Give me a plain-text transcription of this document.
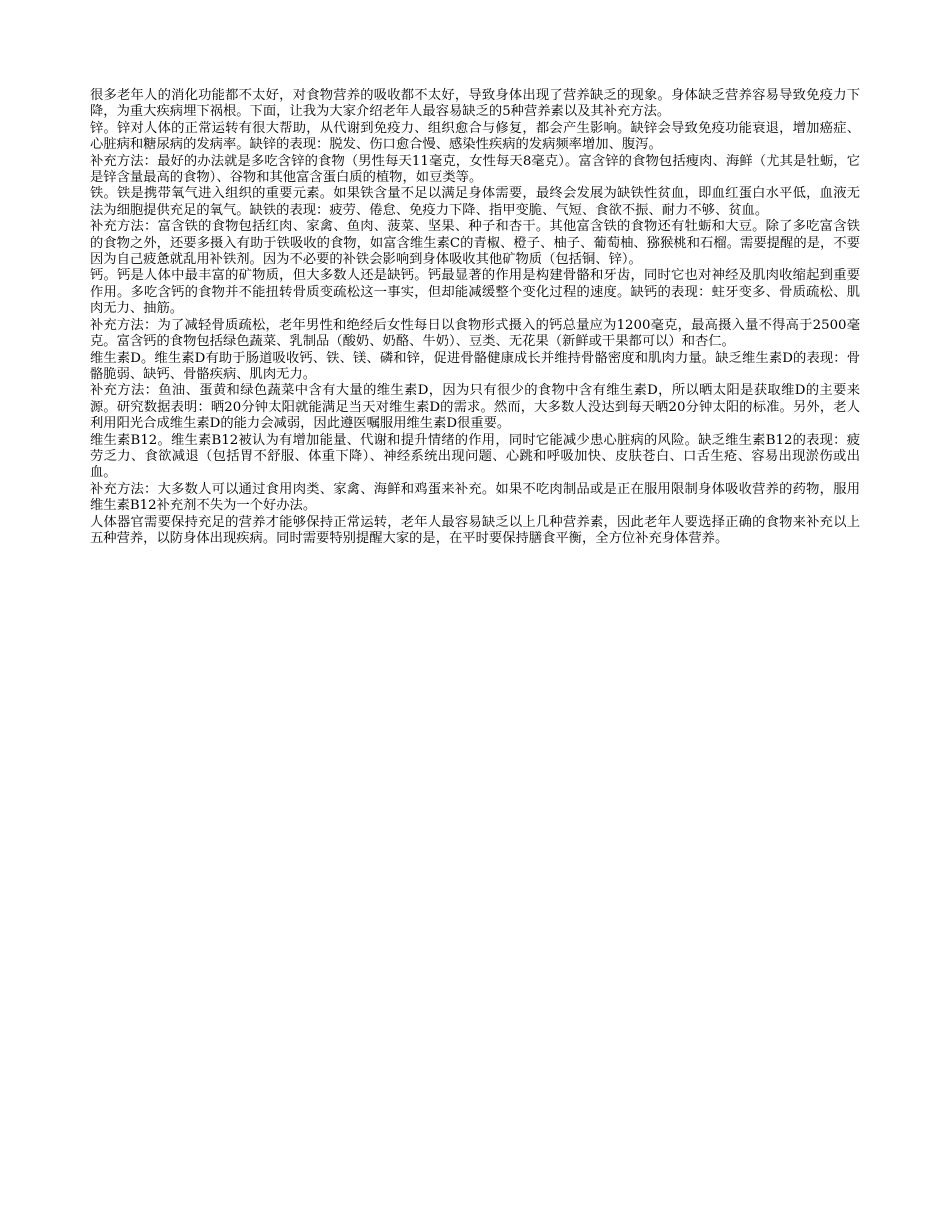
很多老年人的消化功能都不太好，对食物营养的吸收都不太好，导致身体出现了营养缺乏的现象。身体缺乏营养容易导致免疫力下降，为重大疾病埋下祸根。下面，让我为大家介绍老年人最容易缺乏的5种营养素以及其补充方法。

锌。锌对人体的正常运转有很大帮助，从代谢到免疫力、组织愈合与修复，都会产生影响。缺锌会导致免疫功能衰退，增加癌症、心脏病和糖尿病的发病率。缺锌的表现：脱发、伤口愈合慢、感染性疾病的发病频率增加、腹泻。

补充方法：最好的办法就是多吃含锌的食物（男性每天11毫克，女性每天8毫克）。富含锌的食物包括瘦肉、海鲜（尤其是牡蛎，它是锌含量最高的食物）、谷物和其他富含蛋白质的植物，如豆类等。

铁。铁是携带氧气进入组织的重要元素。如果铁含量不足以满足身体需要，最终会发展为缺铁性贫血，即血红蛋白水平低，血液无法为细胞提供充足的氧气。缺铁的表现：疲劳、倦怠、免疫力下降、指甲变脆、气短、食欲不振、耐力不够、贫血。

补充方法：富含铁的食物包括红肉、家禽、鱼肉、菠菜、坚果、种子和杏干。其他富含铁的食物还有牡蛎和大豆。除了多吃富含铁的食物之外，还要多摄入有助于铁吸收的食物，如富含维生素C的青椒、橙子、柚子、葡萄柚、猕猴桃和石榴。需要提醒的是，不要因为自己疲惫就乱用补铁剂。因为不必要的补铁会影响到身体吸收其他矿物质（包括铜、锌）。

钙。钙是人体中最丰富的矿物质，但大多数人还是缺钙。钙最显著的作用是构建骨骼和牙齿，同时它也对神经及肌肉收缩起到重要作用。多吃含钙的食物并不能扭转骨质变疏松这一事实，但却能减缓整个变化过程的速度。缺钙的表现：蛀牙变多、骨质疏松、肌肉无力、抽筋。

补充方法：为了减轻骨质疏松，老年男性和绝经后女性每日以食物形式摄入的钙总量应为1200毫克，最高摄入量不得高于2500毫克。富含钙的食物包括绿色蔬菜、乳制品（酸奶、奶酪、牛奶）、豆类、无花果（新鲜或干果都可以）和杏仁。

维生素D。维生素D有助于肠道吸收钙、铁、镁、磷和锌，促进骨骼健康成长并维持骨骼密度和肌肉力量。缺乏维生素D的表现：骨骼脆弱、缺钙、骨骼疾病、肌肉无力。

补充方法：鱼油、蛋黄和绿色蔬菜中含有大量的维生素D，因为只有很少的食物中含有维生素D，所以晒太阳是获取维D的主要来源。研究数据表明：晒20分钟太阳就能满足当天对维生素D的需求。然而，大多数人没达到每天晒20分钟太阳的标准。另外，老人利用阳光合成维生素D的能力会减弱，因此遵医嘱服用维生素D很重要。

维生素B12。维生素B12被认为有增加能量、代谢和提升情绪的作用，同时它能减少患心脏病的风险。缺乏维生素B12的表现：疲劳乏力、食欲减退（包括胃不舒服、体重下降）、神经系统出现问题、心跳和呼吸加快、皮肤苍白、口舌生疮、容易出现淤伤或出血。

补充方法：大多数人可以通过食用肉类、家禽、海鲜和鸡蛋来补充。如果不吃肉制品或是正在服用限制身体吸收营养的药物，服用维生素B12补充剂不失为一个好办法。

人体器官需要保持充足的营养才能够保持正常运转，老年人最容易缺乏以上几种营养素，因此老年人要选择正确的食物来补充以上五种营养，以防身体出现疾病。同时需要特别提醒大家的是，在平时要保持膳食平衡，全方位补充身体营养。
